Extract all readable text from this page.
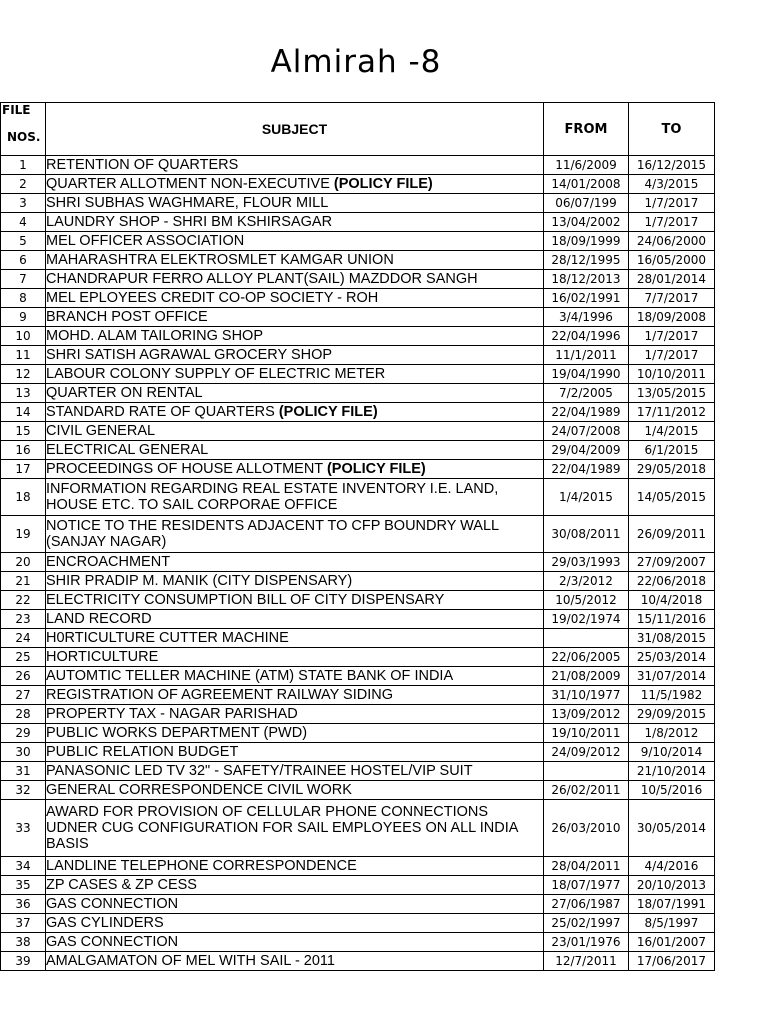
Almirah -8
FILE
NOS.	SUBJECT	FROM	TO
1	RETENTION OF QUARTERS	11/6/2009	16/12/2015
2	QUARTER ALLOTMENT NON-EXECUTIVE (POLICY FILE)	14/01/2008	4/3/2015
3	SHRI SUBHAS WAGHMARE, FLOUR MILL	06/07/199	1/7/2017
4	LAUNDRY SHOP - SHRI BM KSHIRSAGAR	13/04/2002	1/7/2017
5	MEL OFFICER ASSOCIATION	18/09/1999	24/06/2000
6	MAHARASHTRA ELEKTROSMLET KAMGAR UNION	28/12/1995	16/05/2000
7	CHANDRAPUR FERRO ALLOY PLANT(SAIL) MAZDDOR SANGH	18/12/2013	28/01/2014
8	MEL EPLOYEES CREDIT CO-OP SOCIETY - ROH	16/02/1991	7/7/2017
9	BRANCH POST OFFICE	3/4/1996	18/09/2008
10	MOHD. ALAM TAILORING SHOP	22/04/1996	1/7/2017
11	SHRI SATISH AGRAWAL GROCERY SHOP	11/1/2011	1/7/2017
12	LABOUR COLONY SUPPLY OF ELECTRIC METER	19/04/1990	10/10/2011
13	QUARTER ON RENTAL	7/2/2005	13/05/2015
14	STANDARD RATE OF QUARTERS (POLICY FILE)	22/04/1989	17/11/2012
15	CIVIL GENERAL	24/07/2008	1/4/2015
16	ELECTRICAL GENERAL	29/04/2009	6/1/2015
17	PROCEEDINGS OF HOUSE ALLOTMENT (POLICY FILE)	22/04/1989	29/05/2018
18	INFORMATION REGARDING REAL ESTATE INVENTORY I.E. LAND, HOUSE ETC. TO SAIL CORPORAE OFFICE	1/4/2015	14/05/2015
19	NOTICE TO THE RESIDENTS ADJACENT TO CFP BOUNDRY WALL (SANJAY NAGAR)	30/08/2011	26/09/2011
20	ENCROACHMENT	29/03/1993	27/09/2007
21	SHIR PRADIP M. MANIK (CITY DISPENSARY)	2/3/2012	22/06/2018
22	ELECTRICITY CONSUMPTION BILL OF CITY DISPENSARY	10/5/2012	10/4/2018
23	LAND RECORD	19/02/1974	15/11/2016
24	H0RTICULTURE CUTTER MACHINE		31/08/2015
25	HORTICULTURE	22/06/2005	25/03/2014
26	AUTOMTIC TELLER MACHINE (ATM) STATE BANK OF INDIA	21/08/2009	31/07/2014
27	REGISTRATION OF AGREEMENT RAILWAY SIDING	31/10/1977	11/5/1982
28	PROPERTY TAX - NAGAR PARISHAD	13/09/2012	29/09/2015
29	PUBLIC WORKS DEPARTMENT (PWD)	19/10/2011	1/8/2012
30	PUBLIC RELATION BUDGET	24/09/2012	9/10/2014
31	PANASONIC LED TV 32" - SAFETY/TRAINEE HOSTEL/VIP SUIT		21/10/2014
32	GENERAL CORRESPONDENCE CIVIL WORK	26/02/2011	10/5/2016
33	AWARD FOR PROVISION OF CELLULAR PHONE CONNECTIONS UDNER CUG CONFIGURATION FOR SAIL EMPLOYEES ON ALL INDIA BASIS	26/03/2010	30/05/2014
34	LANDLINE TELEPHONE CORRESPONDENCE	28/04/2011	4/4/2016
35	ZP CASES & ZP CESS	18/07/1977	20/10/2013
36	GAS CONNECTION	27/06/1987	18/07/1991
37	GAS CYLINDERS	25/02/1997	8/5/1997
38	GAS CONNECTION	23/01/1976	16/01/2007
39	AMALGAMATON OF MEL WITH SAIL - 2011	12/7/2011	17/06/2017
